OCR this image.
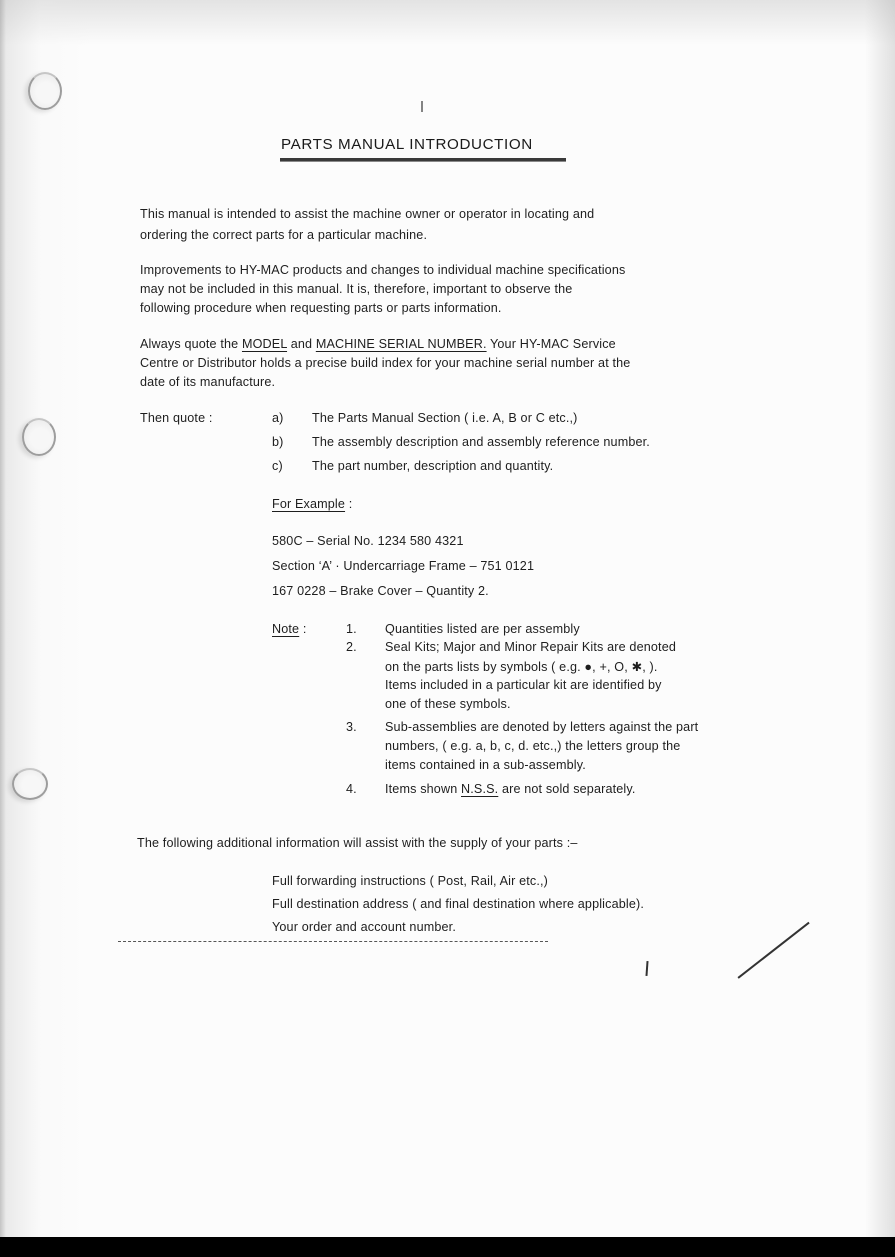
PARTS MANUAL INTRODUCTION
This manual is intended to assist the machine owner or operator in locating and
ordering the correct parts for a particular machine.
Improvements to HY-MAC products and changes to individual machine specifications
may not be included in this manual. It is, therefore, important to observe the
following procedure when requesting parts or parts information.
Always quote the MODEL and MACHINE SERIAL NUMBER. Your HY-MAC Service
Centre or Distributor holds a precise build index for your machine serial number at the
date of its manufacture.
Then quote :	a) The Parts Manual Section ( i.e. A, B or C etc.,)
b) The assembly description and assembly reference number.
c) The part number, description and quantity.
For Example :
580C – Serial No. 1234 580 4321
Section ‘A’ · Undercarriage Frame – 751 0121
167 0228 – Brake Cover – Quantity 2.
Note :	1. Quantities listed are per assembly
2. Seal Kits; Major and Minor Repair Kits are denoted
on the parts lists by symbols ( e.g. ●, +, O, ✱, ).
Items included in a particular kit are identified by
one of these symbols.
3. Sub-assemblies are denoted by letters against the part
numbers, ( e.g. a, b, c, d. etc.,) the letters group the
items contained in a sub-assembly.
4. Items shown N.S.S. are not sold separately.
The following additional information will assist with the supply of your parts :–
Full forwarding instructions ( Post, Rail, Air etc.,)
Full destination address ( and final destination where applicable).
Your order and account number.
